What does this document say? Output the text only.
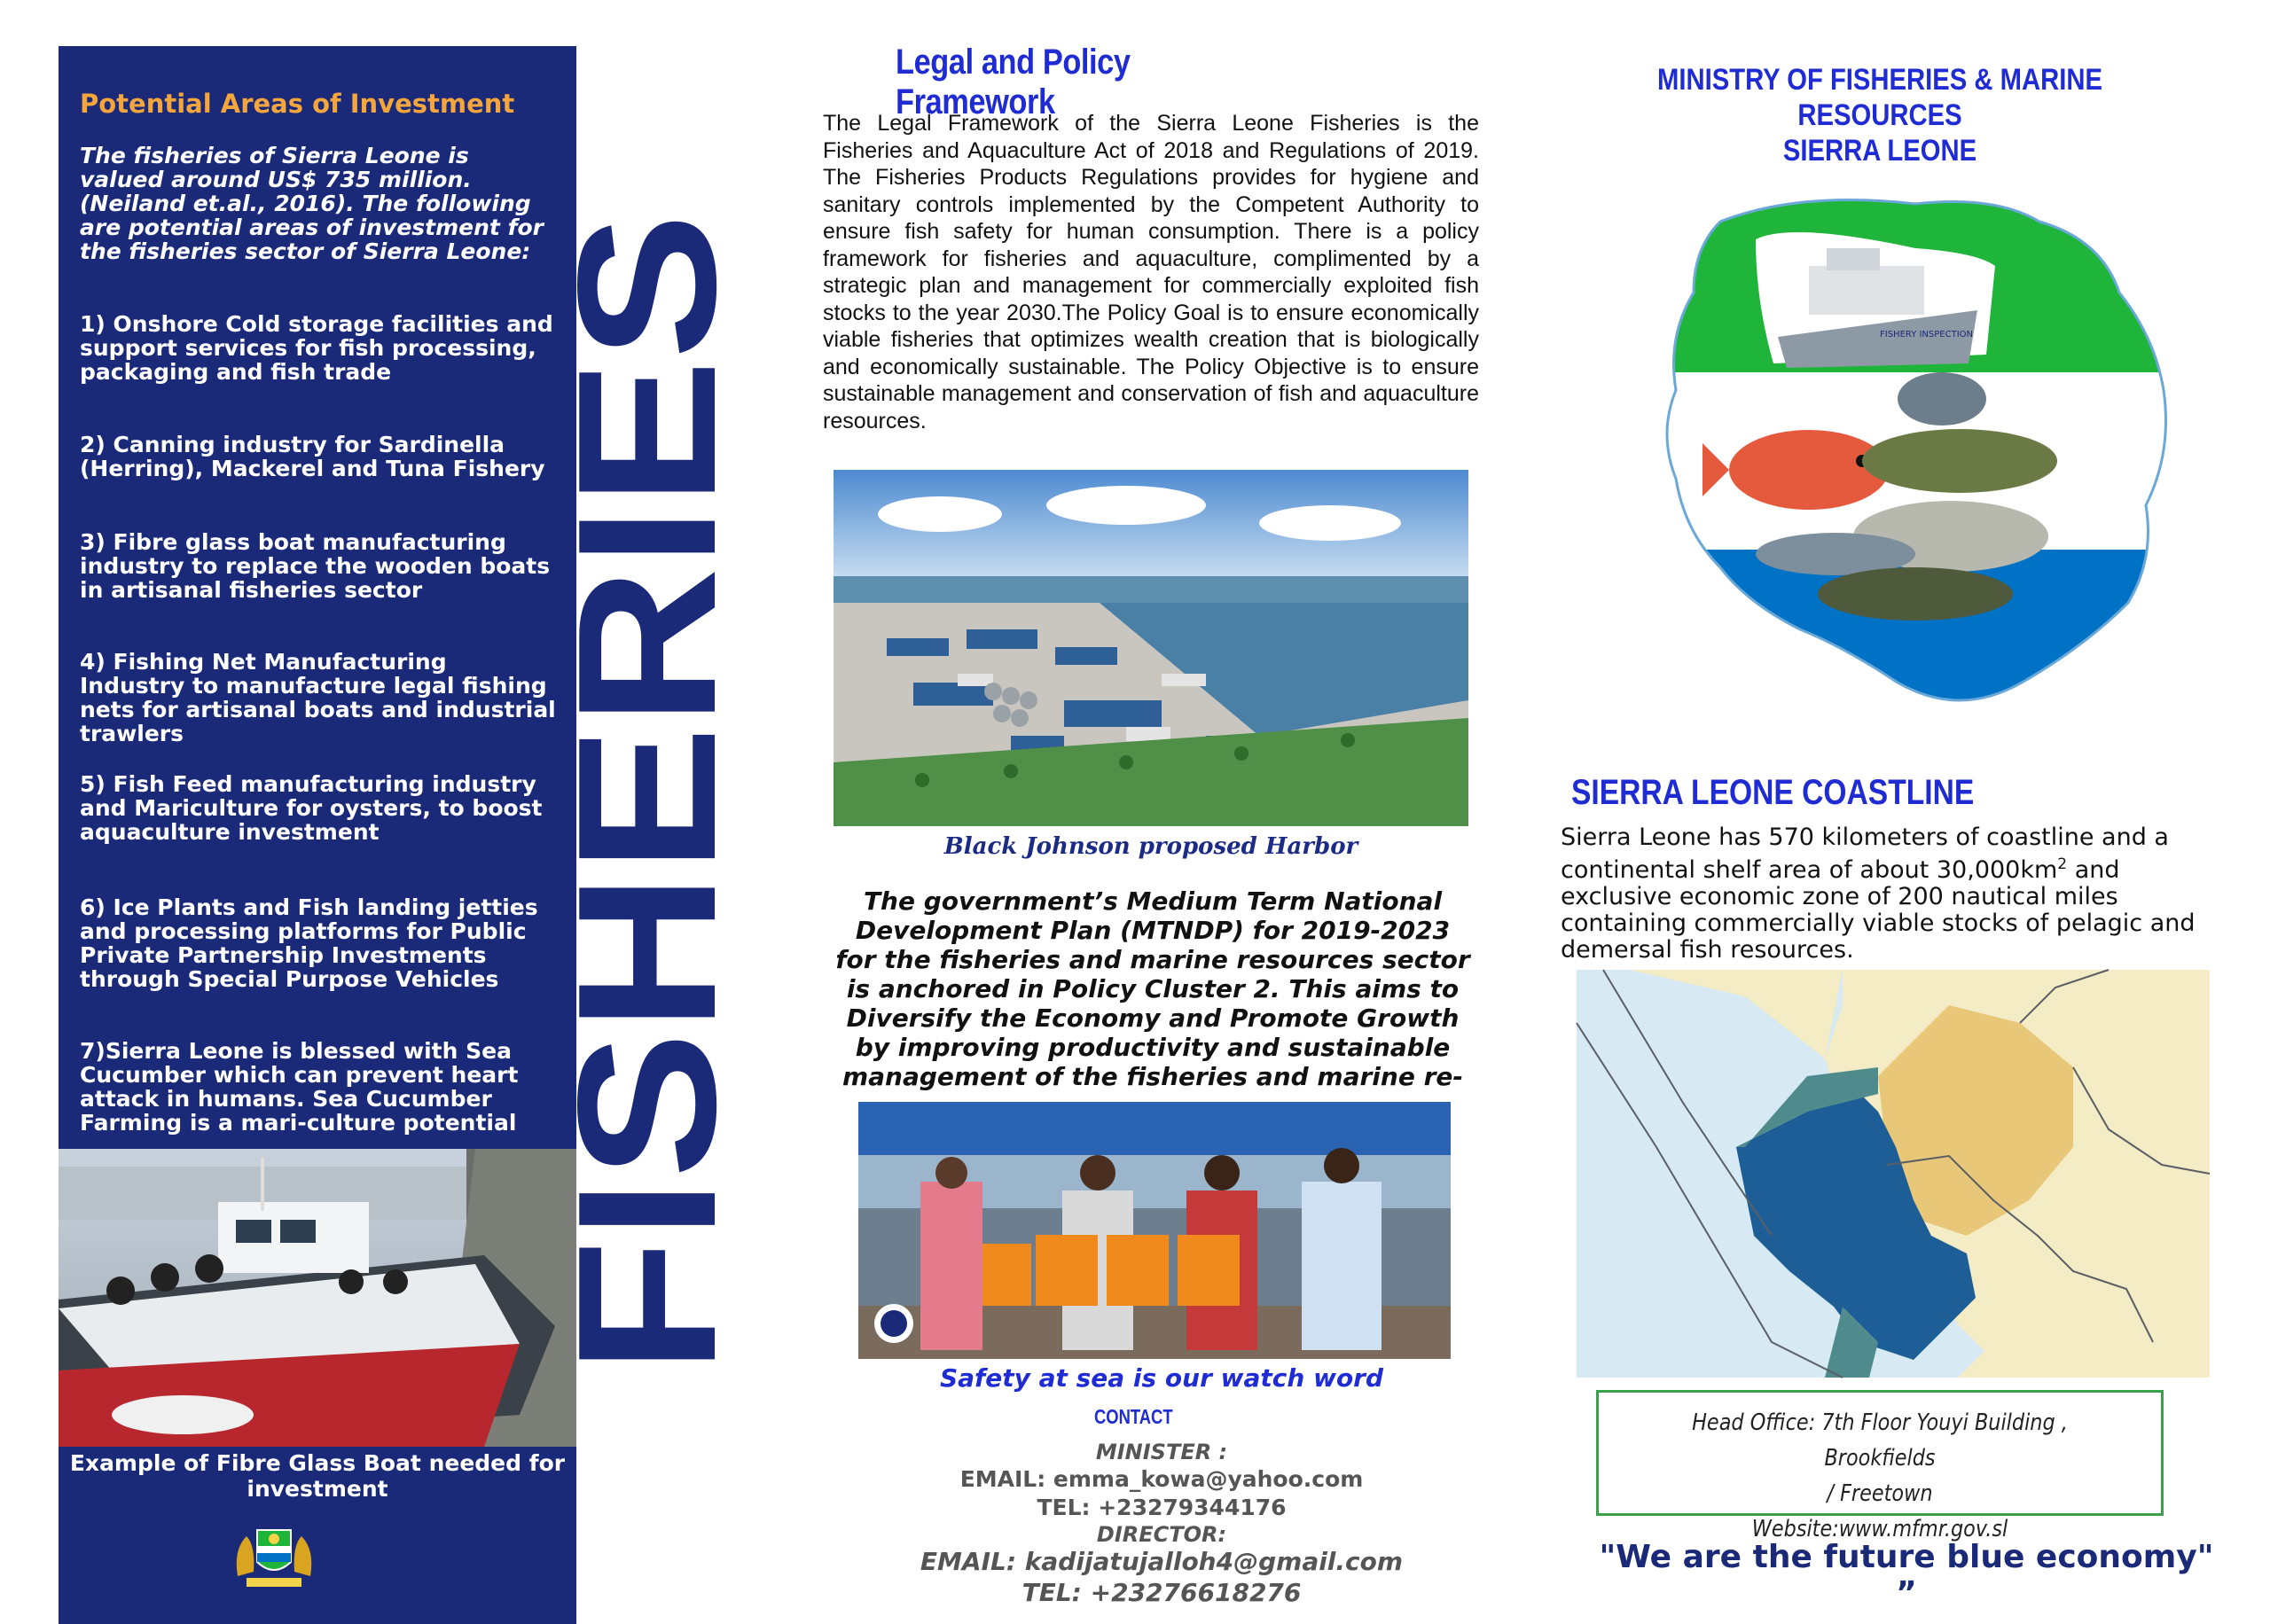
Potential Areas of Investment
The fisheries of Sierra Leone is valued around US$ 735 million. (Neiland et.al., 2016). The following are potential areas of investment for the fisheries sector of Sierra Leone:
1) Onshore Cold storage facilities and support services for fish processing, packaging and fish trade
2) Canning industry for Sardinella (Herring), Mackerel and Tuna Fishery
3) Fibre glass boat manufacturing industry to replace the wooden boats in artisanal fisheries sector
4) Fishing Net Manufacturing Industry to manufacture legal fishing nets for artisanal boats and industrial trawlers
5) Fish Feed manufacturing industry and Mariculture for oysters, to boost aquaculture investment
6) Ice Plants and Fish landing jetties and processing platforms for Public Private Partnership Investments through Special Purpose Vehicles
7)Sierra Leone is blessed with Sea Cucumber which can prevent heart attack in humans. Sea Cucumber Farming is a mari-culture potential
Example of Fibre Glass Boat needed for investment
FISHERIES
Legal and Policy Framework
The Legal Framework of the Sierra Leone Fisheries is the Fisheries and Aquaculture Act of 2018 and Regulations of 2019. The Fisheries Products Regulations provides for hygiene and sanitary controls implemented by the Competent Authority to ensure fish safety for human consumption. There is a policy framework for fisheries and aquaculture, complimented by a strategic plan and management for commercially exploited fish stocks to the year 2030.The Policy Goal is to ensure economically viable fisheries that optimizes wealth creation that is biologically and economically sustainable. The Policy Objective is to ensure sustainable management and conservation of fish and aquaculture resources.
Black Johnson proposed Harbor
The government’s Medium Term National Development Plan (MTNDP) for 2019-2023 for the fisheries and marine resources sector is anchored in Policy Cluster 2. This aims to Diversify the Economy and Promote Growth by improving productivity and sustainable management of the fisheries and marine re-
Safety at sea is our watch word
CONTACT
MINISTER :
EMAIL: emma_kowa@yahoo.com
TEL: +23279344176
DIRECTOR:
EMAIL: kadijatujalloh4@gmail.com
TEL: +23276618276
MINISTRY OF FISHERIES & MARINE RESOURCES
SIERRA LEONE
FISHERY INSPECTION
SIERRA LEONE COASTLINE
Sierra Leone has 570 kilometers of coastline and a continental shelf area of about $30,000km^2$ and exclusive economic zone of 200 nautical miles containing commercially viable stocks of pelagic and demersal fish resources.
Head Office: 7th Floor Youyi Building , Brookfields
/ Freetown
Website:www.mfmr.gov.sl
"We are the future blue economy" ”
